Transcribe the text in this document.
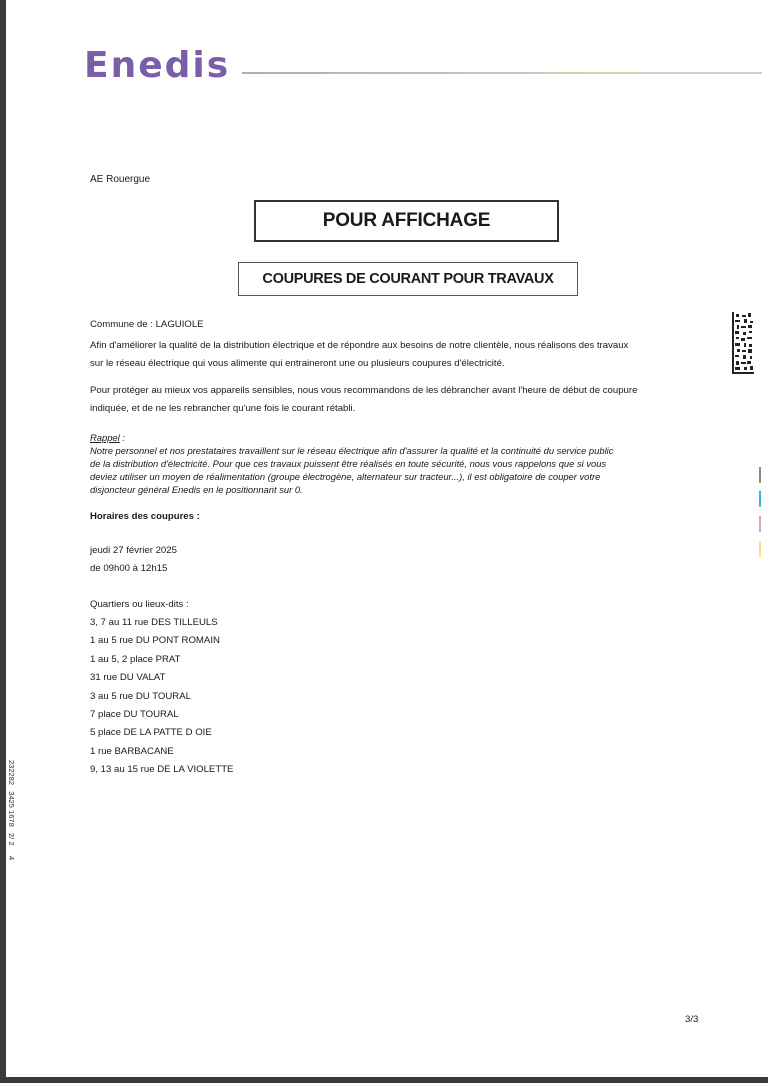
Enedis
AE Rouergue
POUR AFFICHAGE
COUPURES DE COURANT POUR TRAVAUX
Commune de : LAGUIOLE
Afin d'améliorer la qualité de la distribution électrique et de répondre aux besoins de notre clientèle, nous réalisons des travaux
sur le réseau électrique qui vous alimente qui entraineront une ou plusieurs coupures d'électricité.
Pour protéger au mieux vos appareils sensibles, nous vous recommandons de les débrancher avant l'heure de début de coupure
indiquée, et de ne les rebrancher qu'une fois le courant rétabli.
Rappel :
Notre personnel et nos prestataires travaillent sur le réseau électrique afin d'assurer la qualité et la continuité du service public
de la distribution d'électricité. Pour que ces travaux puissent être réalisés en toute sécurité, nous vous rappelons que si vous
deviez utiliser un moyen de réalimentation (groupe électrogène, alternateur sur tracteur...), il est obligatoire de couper votre
disjoncteur général Enedis en le positionnant sur 0.
Horaires des coupures :
jeudi 27 février 2025
de 09h00 à 12h15
Quartiers ou lieux-dits :
3, 7 au 11 rue DES TILLEULS
1 au 5 rue DU PONT ROMAIN
1 au 5, 2 place PRAT
31 rue DU VALAT
3 au 5 rue DU TOURAL
7 place DU TOURAL
5 place DE LA PATTE D OIE
1 rue BARBACANE
9, 13 au 15 rue DE LA VIOLETTE
232282   3425 1678   2/ 2     4
3/3
